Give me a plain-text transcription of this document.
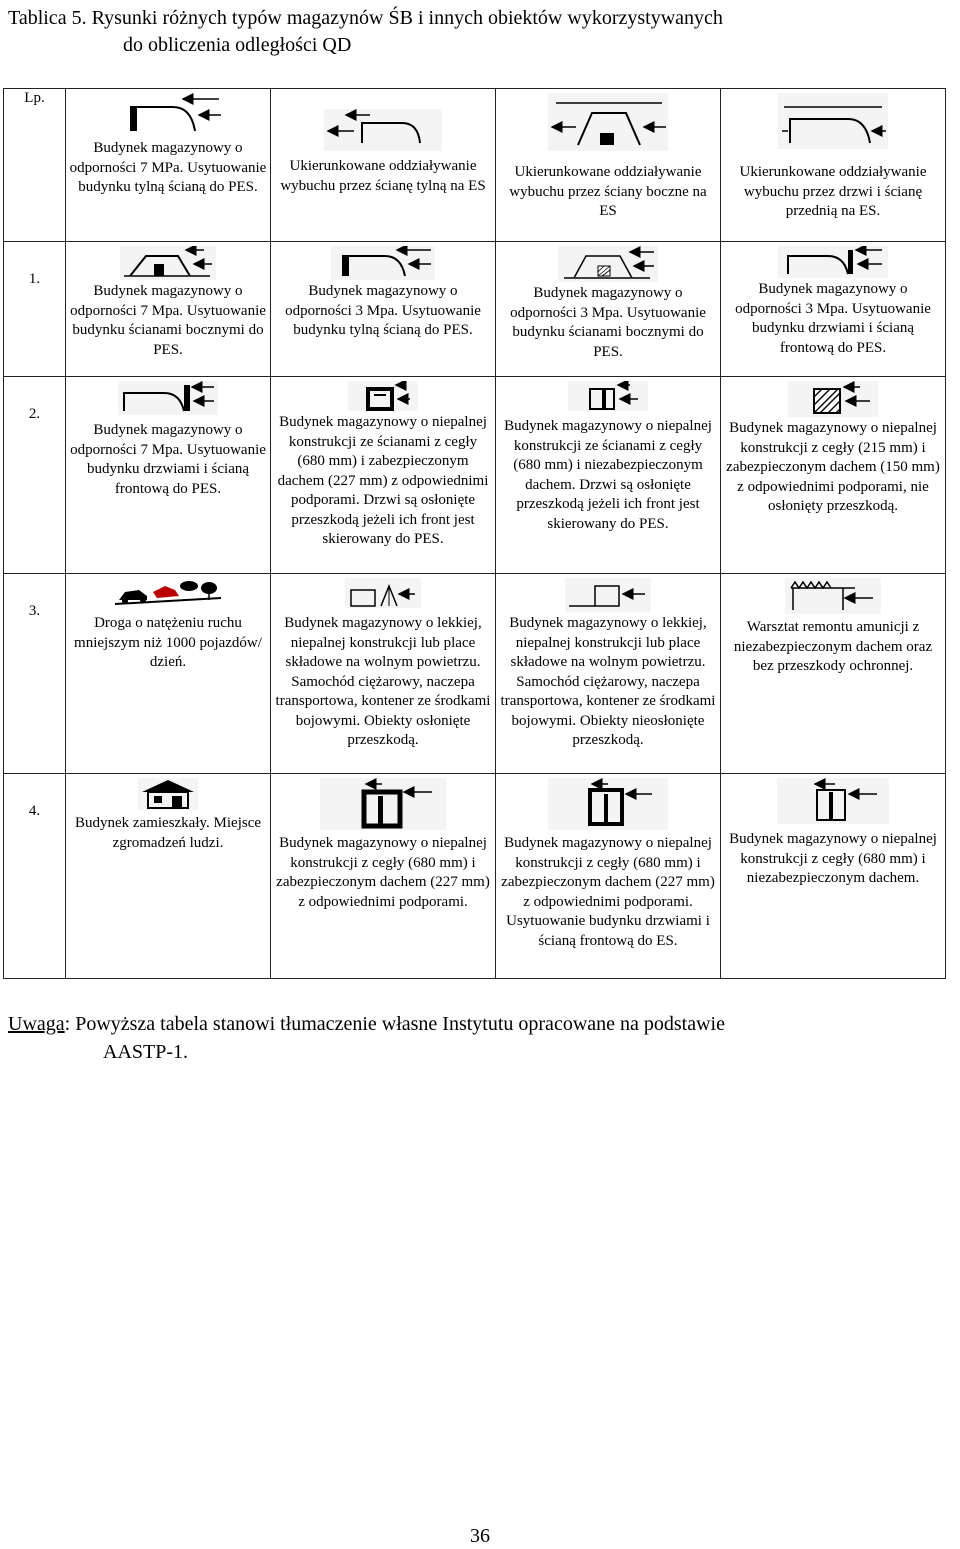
Tablica 5. Rysunki różnych typów magazynów ŚB i innych obiektów wykorzystywanych
do obliczenia odległości QD
Lp.	Budynek magazynowy o odporności 7 MPa. Usytuowanie budynku tylną ścianą do PES.	Ukierunkowane oddziaływanie wybuchu przez ścianę tylną na ES	Ukierunkowane oddziaływanie wybuchu przez ściany boczne na ES	Ukierunkowane oddziaływanie wybuchu przez drzwi i ścianę przednią na ES.

1.	Budynek magazynowy o odporności 7 Mpa. Usytuowanie budynku ścianami bocznymi do PES.	Budynek magazynowy o odporności 3 Mpa. Usytuowanie budynku tylną ścianą do PES.	Budynek magazynowy o odporności 3 Mpa. Usytuowanie budynku ścianami bocznymi do PES.	Budynek magazynowy o odporności 3 Mpa. Usytuowanie budynku drzwiami i ścianą frontową do PES.

2.	Budynek magazynowy o odporności 7 Mpa. Usytuowanie budynku drzwiami i ścianą frontową do PES.	Budynek magazynowy o niepalnej konstrukcji ze ścianami z cegły (680 mm) i zabezpieczonym dachem (227 mm) z odpowiednimi podporami. Drzwi są osłonięte przeszkodą jeżeli ich front jest skierowany do PES.	Budynek magazynowy o niepalnej konstrukcji ze ścianami z cegły (680 mm) i niezabezpieczonym dachem. Drzwi są osłonięte przeszkodą jeżeli ich front jest skierowany do PES.	Budynek magazynowy o niepalnej konstrukcji z cegły (215 mm) i zabezpieczonym dachem (150 mm) z odpowiednimi podporami, nie osłonięty przeszkodą.

3.	Droga o natężeniu ruchu mniejszym niż 1000 pojazdów/ dzień.	Budynek magazynowy o lekkiej, niepalnej konstrukcji lub place składowe na wolnym powietrzu. Samochód ciężarowy, naczepa transportowa, kontener ze środkami bojowymi. Obiekty osłonięte przeszkodą.	Budynek magazynowy o lekkiej, niepalnej konstrukcji lub place składowe na wolnym powietrzu. Samochód ciężarowy, naczepa transportowa, kontener ze środkami bojowymi. Obiekty nieosłonięte przeszkodą.	Warsztat remontu amunicji z niezabezpieczonym dachem oraz bez przeszkody ochronnej.

4.	Budynek zamieszkały. Miejsce zgromadzeń ludzi.	Budynek magazynowy o niepalnej konstrukcji z cegły (680 mm) i zabezpieczonym dachem (227 mm) z odpowiednimi podporami.	Budynek magazynowy o niepalnej konstrukcji z cegły (680 mm) i zabezpieczonym dachem (227 mm) z odpowiednimi podporami. Usytuowanie budynku drzwiami i ścianą frontową do ES.	Budynek magazynowy o niepalnej konstrukcji z cegły (680 mm) i niezabezpieczonym dachem.
Uwaga: Powyższa tabela stanowi tłumaczenie własne Instytutu opracowane na podstawie
AASTP-1.
36
